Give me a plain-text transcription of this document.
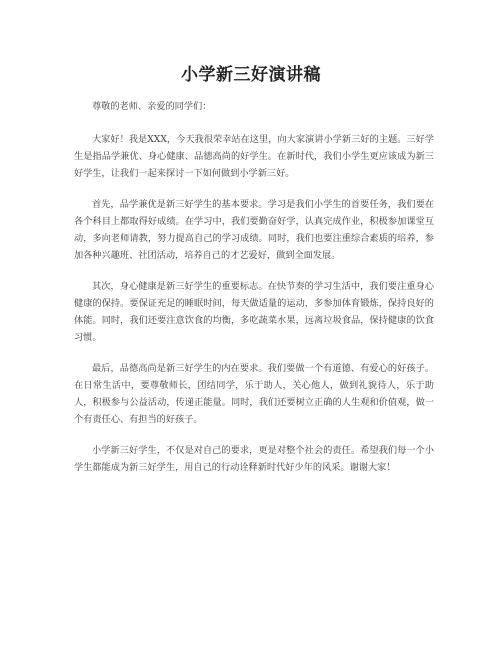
小学新三好演讲稿

尊敬的老师、亲爱的同学们：

大家好！我是XXX，今天我很荣幸站在这里，向大家演讲小学新三好的主题。三好学生是指品学兼优、身心健康、品德高尚的好学生。在新时代，我们小学生更应该成为新三好学生，让我们一起来探讨一下如何做到小学新三好。

首先，品学兼优是新三好学生的基本要求。学习是我们小学生的首要任务，我们要在各个科目上都取得好成绩。在学习中，我们要勤奋好学，认真完成作业，积极参加课堂互动，多向老师请教，努力提高自己的学习成绩。同时，我们也要注重综合素质的培养，参加各种兴趣班、社团活动，培养自己的才艺爱好，做到全面发展。

其次，身心健康是新三好学生的重要标志。在快节奏的学习生活中，我们要注重身心健康的保持。要保证充足的睡眠时间，每天做适量的运动，多参加体育锻炼，保持良好的体能。同时，我们还要注意饮食的均衡，多吃蔬菜水果，远离垃圾食品，保持健康的饮食习惯。

最后，品德高尚是新三好学生的内在要求。我们要做一个有道德、有爱心的好孩子。在日常生活中，要尊敬师长，团结同学，乐于助人，关心他人，做到礼貌待人，乐于助人，积极参与公益活动，传递正能量。同时，我们还要树立正确的人生观和价值观，做一个有责任心、有担当的好孩子。

小学新三好学生，不仅是对自己的要求，更是对整个社会的责任。希望我们每一个小学生都能成为新三好学生，用自己的行动诠释新时代好少年的风采。谢谢大家！
